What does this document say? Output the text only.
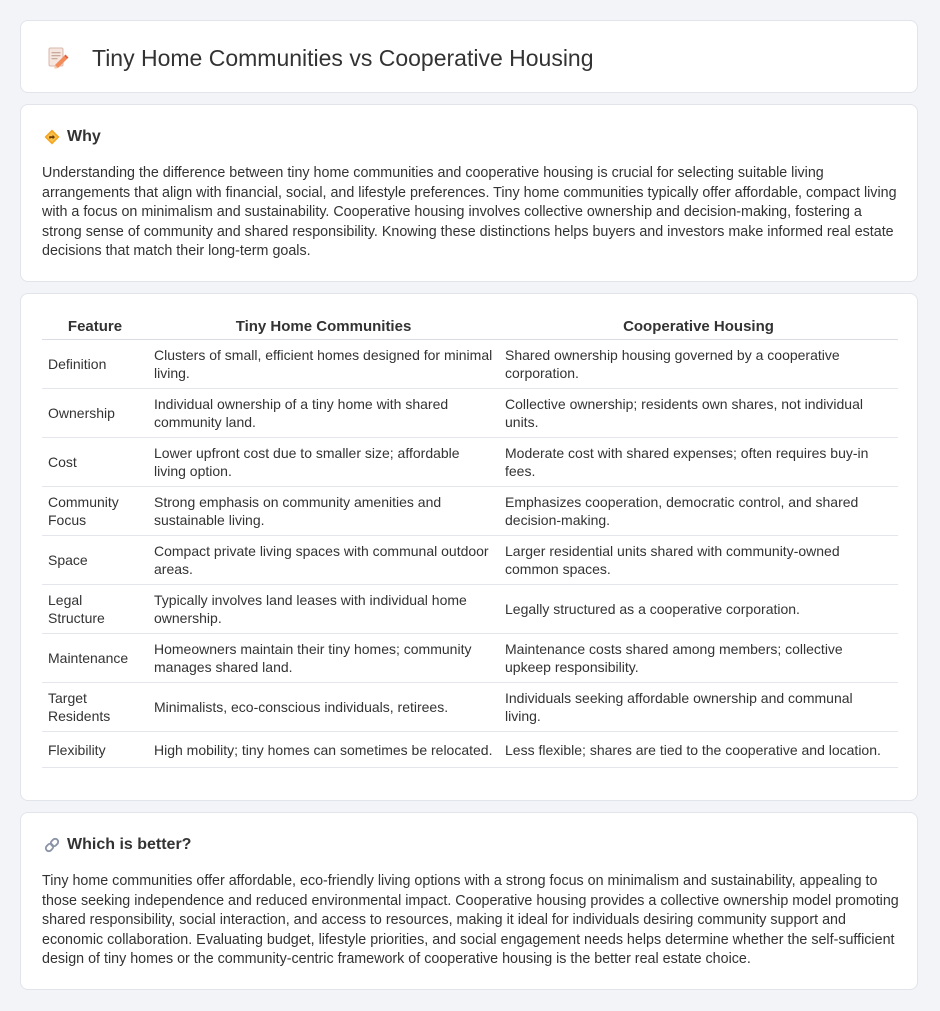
Tiny Home Communities vs Cooperative Housing
Why

Understanding the difference between tiny home communities and cooperative housing is crucial for selecting suitable living arrangements that align with financial, social, and lifestyle preferences. Tiny home communities typically offer affordable, compact living with a focus on minimalism and sustainability. Cooperative housing involves collective ownership and decision-making, fostering a strong sense of community and shared responsibility. Knowing these distinctions helps buyers and investors make informed real estate decisions that match their long-term goals.

Feature	Tiny Home Communities	Cooperative Housing
Definition	Clusters of small, efficient homes designed for minimal living.	Shared ownership housing governed by a cooperative corporation.
Ownership	Individual ownership of a tiny home with shared community land.	Collective ownership; residents own shares, not individual units.
Cost	Lower upfront cost due to smaller size; affordable living option.	Moderate cost with shared expenses; often requires buy-in fees.
Community Focus	Strong emphasis on community amenities and sustainable living.	Emphasizes cooperation, democratic control, and shared decision-making.
Space	Compact private living spaces with communal outdoor areas.	Larger residential units shared with community-owned common spaces.
Legal Structure	Typically involves land leases with individual home ownership.	Legally structured as a cooperative corporation.
Maintenance	Homeowners maintain their tiny homes; community manages shared land.	Maintenance costs shared among members; collective upkeep responsibility.
Target Residents	Minimalists, eco-conscious individuals, retirees.	Individuals seeking affordable ownership and communal living.
Flexibility	High mobility; tiny homes can sometimes be relocated.	Less flexible; shares are tied to the cooperative and location.
Which is better?

Tiny home communities offer affordable, eco-friendly living options with a strong focus on minimalism and sustainability, appealing to those seeking independence and reduced environmental impact. Cooperative housing provides a collective ownership model promoting shared responsibility, social interaction, and access to resources, making it ideal for individuals desiring community support and economic collaboration. Evaluating budget, lifestyle priorities, and social engagement needs helps determine whether the self-sufficient design of tiny homes or the community-centric framework of cooperative housing is the better real estate choice.
